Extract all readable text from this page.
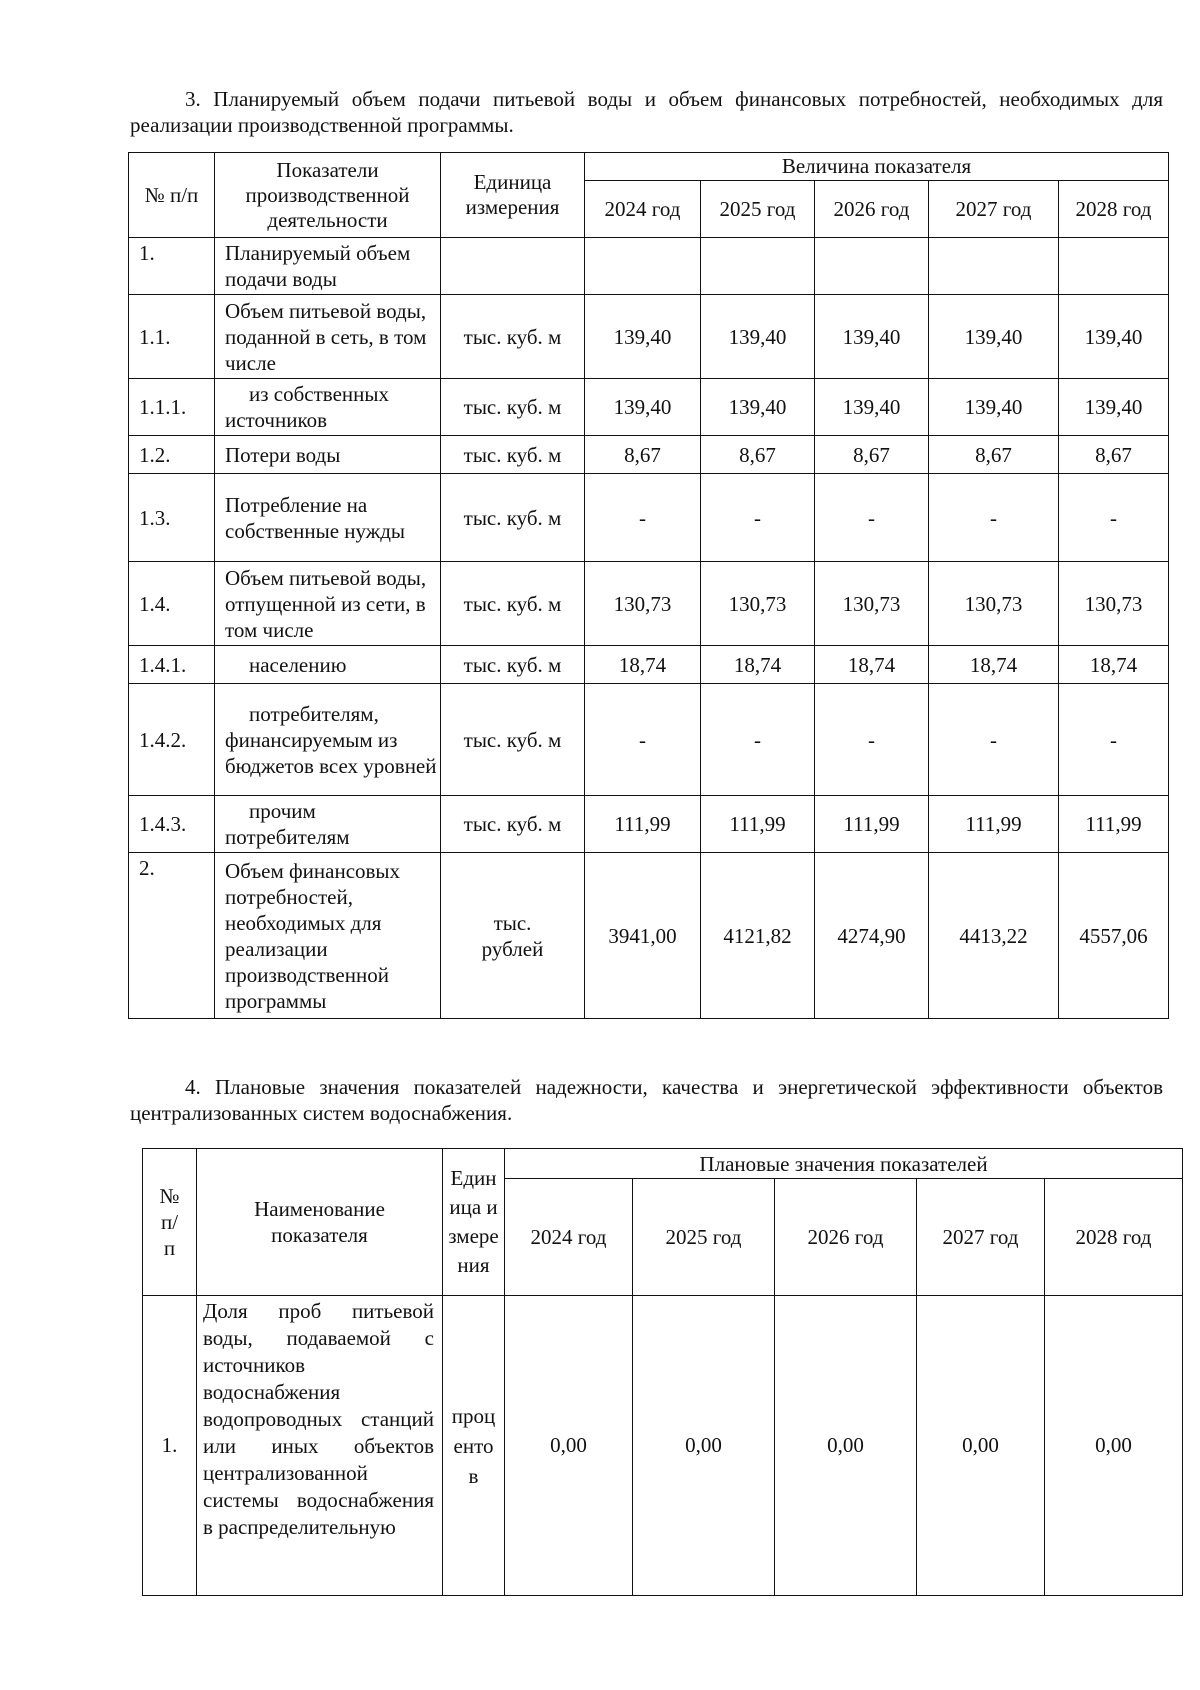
3. Планируемый объем подачи питьевой воды и объем финансовых потребностей, необходимых для реализации производственной программы.

№ п/п	Показатели производственной деятельности	Единица измерения	Величина показателя				
			2024 год	2025 год	2026 год	2027 год	2028 год
1.	Планируемый объем подачи воды						
1.1.	Объем питьевой воды, поданной в сеть, в том числе	тыс. куб. м	139,40	139,40	139,40	139,40	139,40
1.1.1.	из собственных источников	тыс. куб. м	139,40	139,40	139,40	139,40	139,40
1.2.	Потери воды	тыс. куб. м	8,67	8,67	8,67	8,67	8,67
1.3.	Потребление на собственные нужды	тыс. куб. м	-	-	-	-	-
1.4.	Объем питьевой воды, отпущенной из сети, в том числе	тыс. куб. м	130,73	130,73	130,73	130,73	130,73
1.4.1.	населению	тыс. куб. м	18,74	18,74	18,74	18,74	18,74
1.4.2.	потребителям, финансируемым из бюджетов всех уровней	тыс. куб. м	-	-	-	-	-
1.4.3.	прочим потребителям	тыс. куб. м	111,99	111,99	111,99	111,99	111,99
2.	Объем финансовых потребностей, необходимых для реализации производственной программы	тыс. рублей	3941,00	4121,82	4274,90	4413,22	4557,06

4. Плановые значения показателей надежности, качества и энергетической эффективности объектов централизованных систем водоснабжения.

№ п/ п	Наименование показателя	Единица измерения	Плановые значения показателей				
			2024 год	2025 год	2026 год	2027 год	2028 год
1.	Доля проб питьевой воды, подаваемой с источников водоснабжения водопроводных станций или иных объектов централизованной системы водоснабжения в распределительную	процентов	0,00	0,00	0,00	0,00	0,00
